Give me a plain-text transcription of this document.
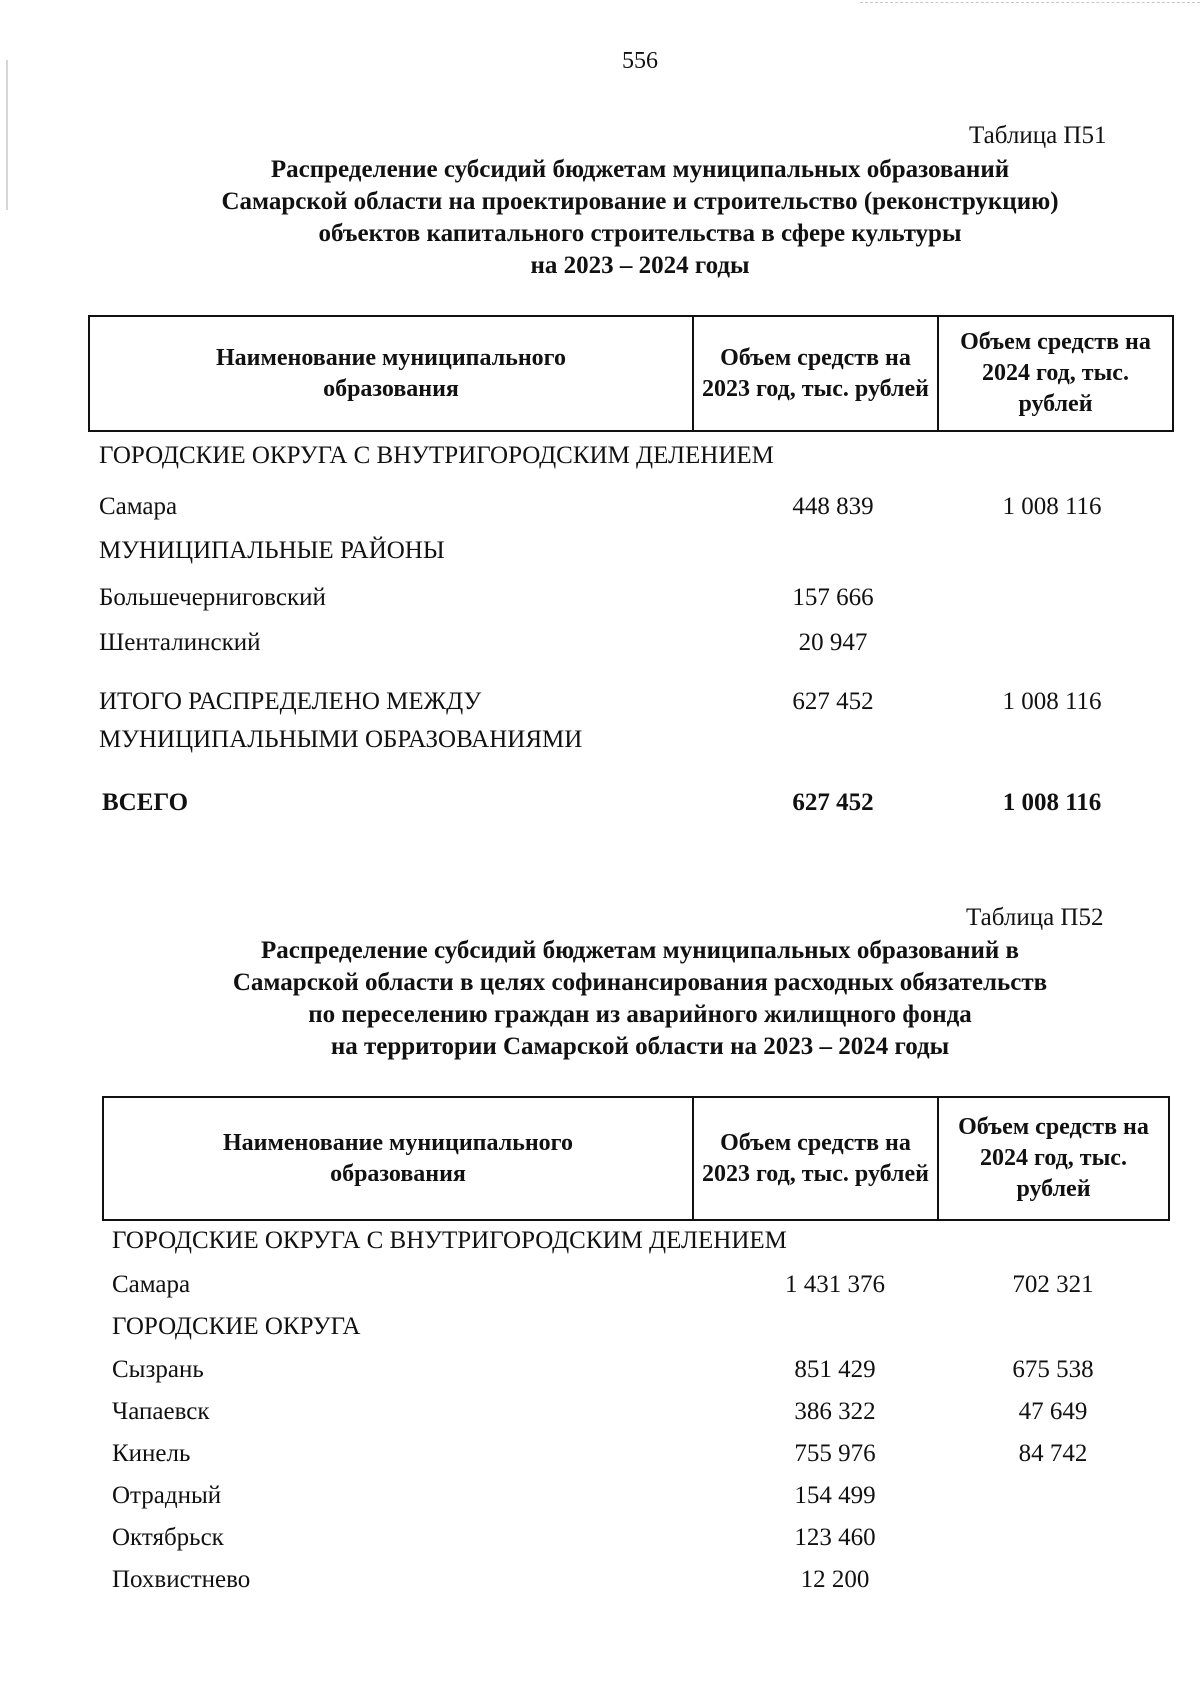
556
Таблица П51
Распределение субсидий бюджетам муниципальных образований
Самарской области на проектирование и строительство (реконструкцию)
объектов капитального строительства в сфере культуры
на 2023 – 2024 годы
Наименование муниципального образования	Объем средств на 2023 год, тыс. рублей	Объем средств на 2024 год, тыс. рублей
ГОРОДСКИЕ ОКРУГА С ВНУТРИГОРОДСКИМ ДЕЛЕНИЕМ
Самара	448 839	1 008 116
МУНИЦИПАЛЬНЫЕ РАЙОНЫ
Большечерниговский	157 666
Шенталинский	20 947
ИТОГО РАСПРЕДЕЛЕНО МЕЖДУ	627 452	1 008 116
МУНИЦИПАЛЬНЫМИ ОБРАЗОВАНИЯМИ
ВСЕГО	627 452	1 008 116
Таблица П52
Распределение субсидий бюджетам муниципальных образований в
Самарской области в целях софинансирования расходных обязательств
по переселению граждан из аварийного жилищного фонда
на территории Самарской области на 2023 – 2024 годы
Наименование муниципального образования	Объем средств на 2023 год, тыс. рублей	Объем средств на 2024 год, тыс. рублей
ГОРОДСКИЕ ОКРУГА С ВНУТРИГОРОДСКИМ ДЕЛЕНИЕМ
Самара	1 431 376	702 321
ГОРОДСКИЕ ОКРУГА
Сызрань	851 429	675 538
Чапаевск	386 322	47 649
Кинель	755 976	84 742
Отрадный	154 499
Октябрьск	123 460
Похвистнево	12 200
